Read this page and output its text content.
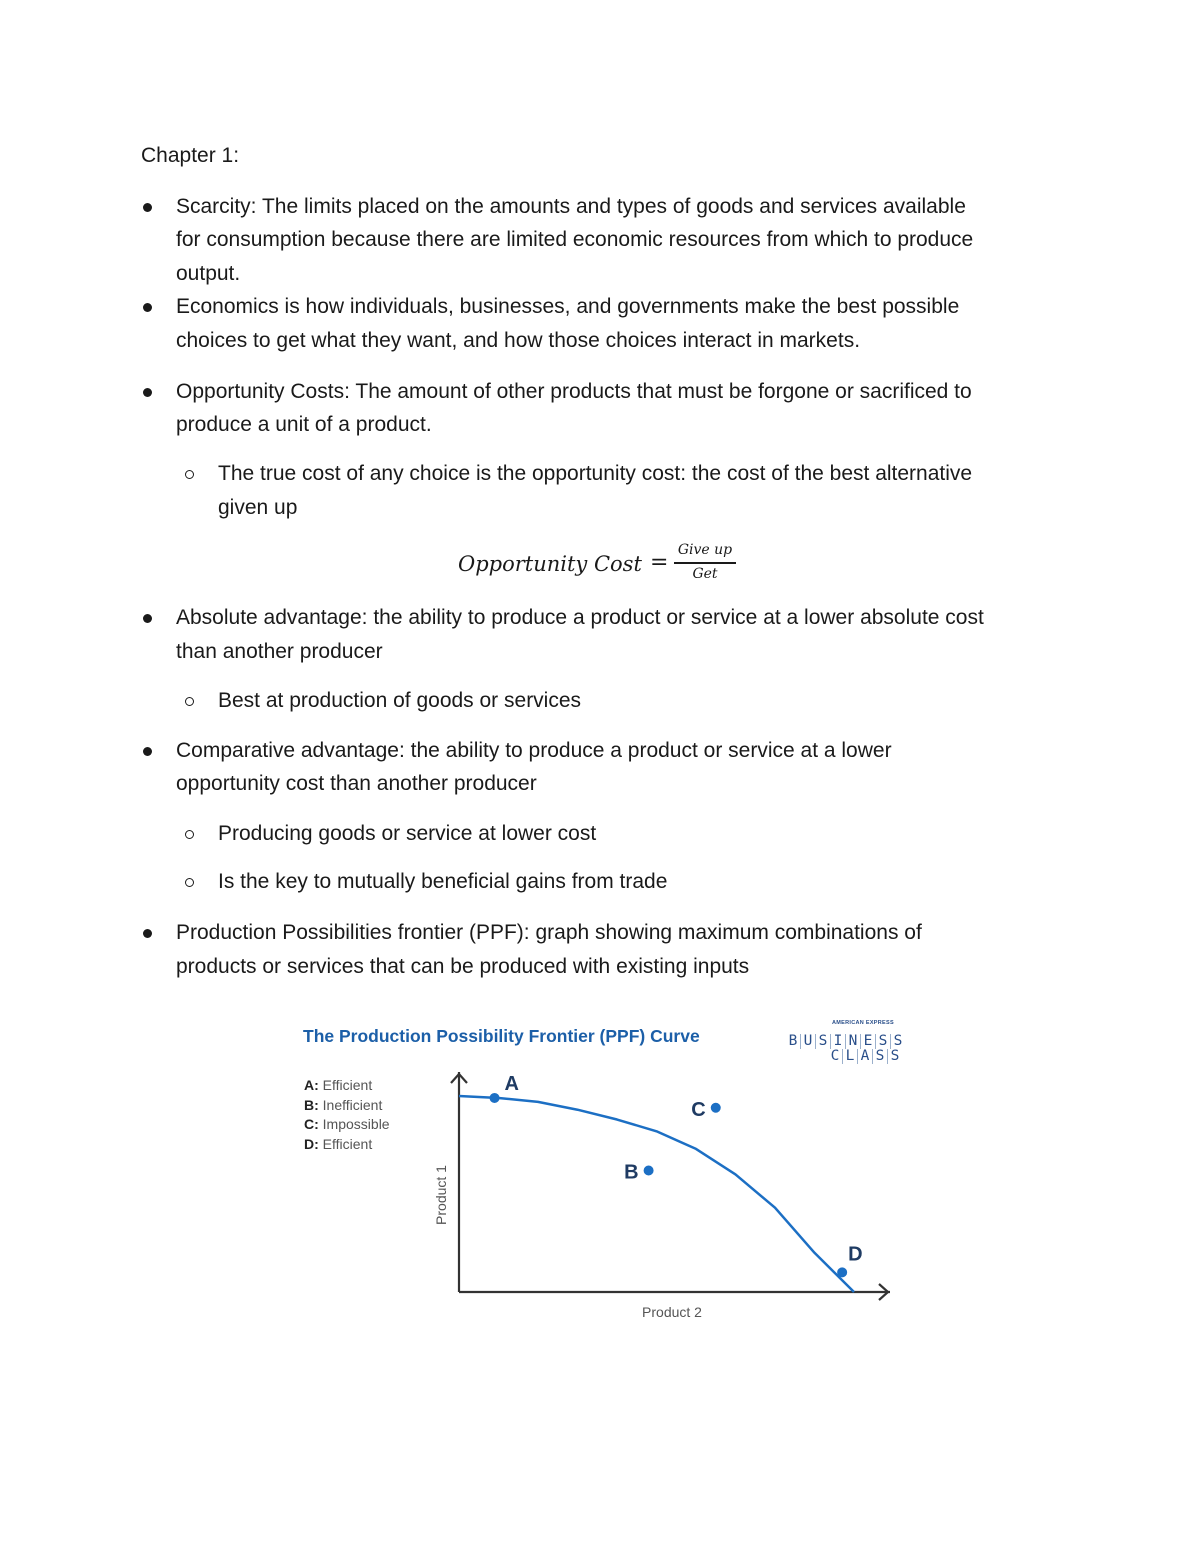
Chapter 1:
Scarcity: The limits placed on the amounts and types of goods and services available
for consumption because there are limited economic resources from which to produce
output.
Economics is how individuals, businesses, and governments make the best possible
choices to get what they want, and how those choices interact in markets.
Opportunity Costs: The amount of other products that must be forgone or sacrificed to
produce a unit of a product.
The true cost of any choice is the opportunity cost: the cost of the best alternative
given up
Absolute advantage: the ability to produce a product or service at a lower absolute cost
than another producer
Best at production of goods or services
Comparative advantage: the ability to produce a product or service at a lower
opportunity cost than another producer
Producing goods or service at lower cost
Is the key to mutually beneficial gains from trade
Production Possibilities frontier (PPF): graph showing maximum combinations of
products or services that can be produced with existing inputs
Opportunity Cost = Give up
Get
A
B
C
D
Product 2
Product 1
The Production Possibility Frontier (PPF) Curve
A: Efficient
B: Inefficient
C: Impossible
D: Efficient
AMERICAN EXPRESS
B U S I N E S S
C L A S S
